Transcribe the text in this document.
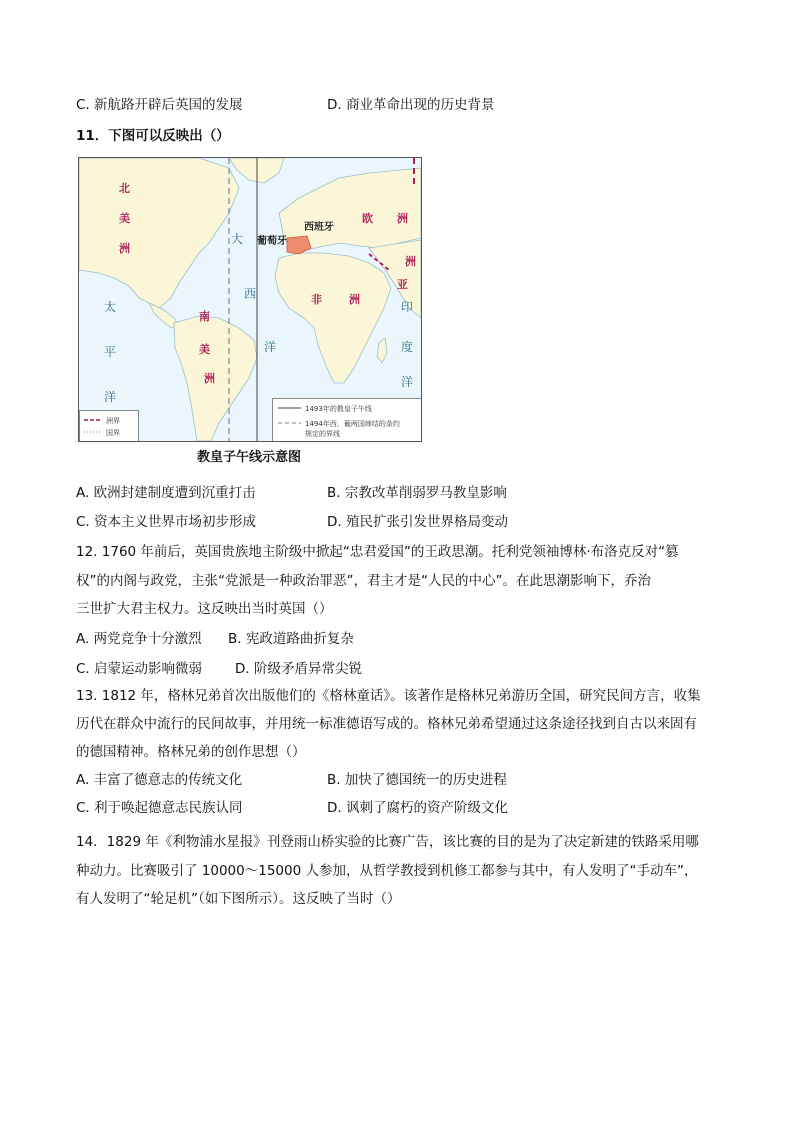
C. 新航路开辟后英国的发展	D. 商业革命出现的历史背景
11．下图可以反映出（）
北
美
洲
南
美
洲
欧 洲
非 洲
亚
洲
大
西
洋
太
平
洋
印
度
洋
西班牙
葡萄牙
洲界
国界
1493年的教皇子午线
1494年西、葡两国缔结的条约
规定的界线
教皇子午线示意图
A. 欧洲封建制度遭到沉重打击	B. 宗教改革削弱罗马教皇影响
C. 资本主义世界市场初步形成	D. 殖民扩张引发世界格局变动
12. 1760 年前后，英国贵族地主阶级中掀起“忠君爱国”的王政思潮。托利党领袖博林·布洛克反对“篡
权”的内阁与政党，主张“党派是一种政治罪恶”，君主才是“人民的中心”。在此思潮影响下，乔治
三世扩大君主权力。这反映出当时英国（）
A. 两党竞争十分激烈 B. 宪政道路曲折复杂
C. 启蒙运动影响微弱 D. 阶级矛盾异常尖锐
13. 1812 年，格林兄弟首次出版他们的《格林童话》。该著作是格林兄弟游历全国，研究民间方言，收集
历代在群众中流行的民间故事，并用统一标准德语写成的。格林兄弟希望通过这条途径找到自古以来固有
的德国精神。格林兄弟的创作思想（）
A. 丰富了德意志的传统文化	B. 加快了德国统一的历史进程
C. 利于唤起德意志民族认同	D. 讽刺了腐朽的资产阶级文化
14．1829 年《利物浦水星报》刊登雨山桥实验的比赛广告，该比赛的目的是为了决定新建的铁路采用哪
种动力。比赛吸引了 10000～15000 人参加，从哲学教授到机修工都参与其中，有人发明了“手动车”，
有人发明了“轮足机”（如下图所示）。这反映了当时（）
